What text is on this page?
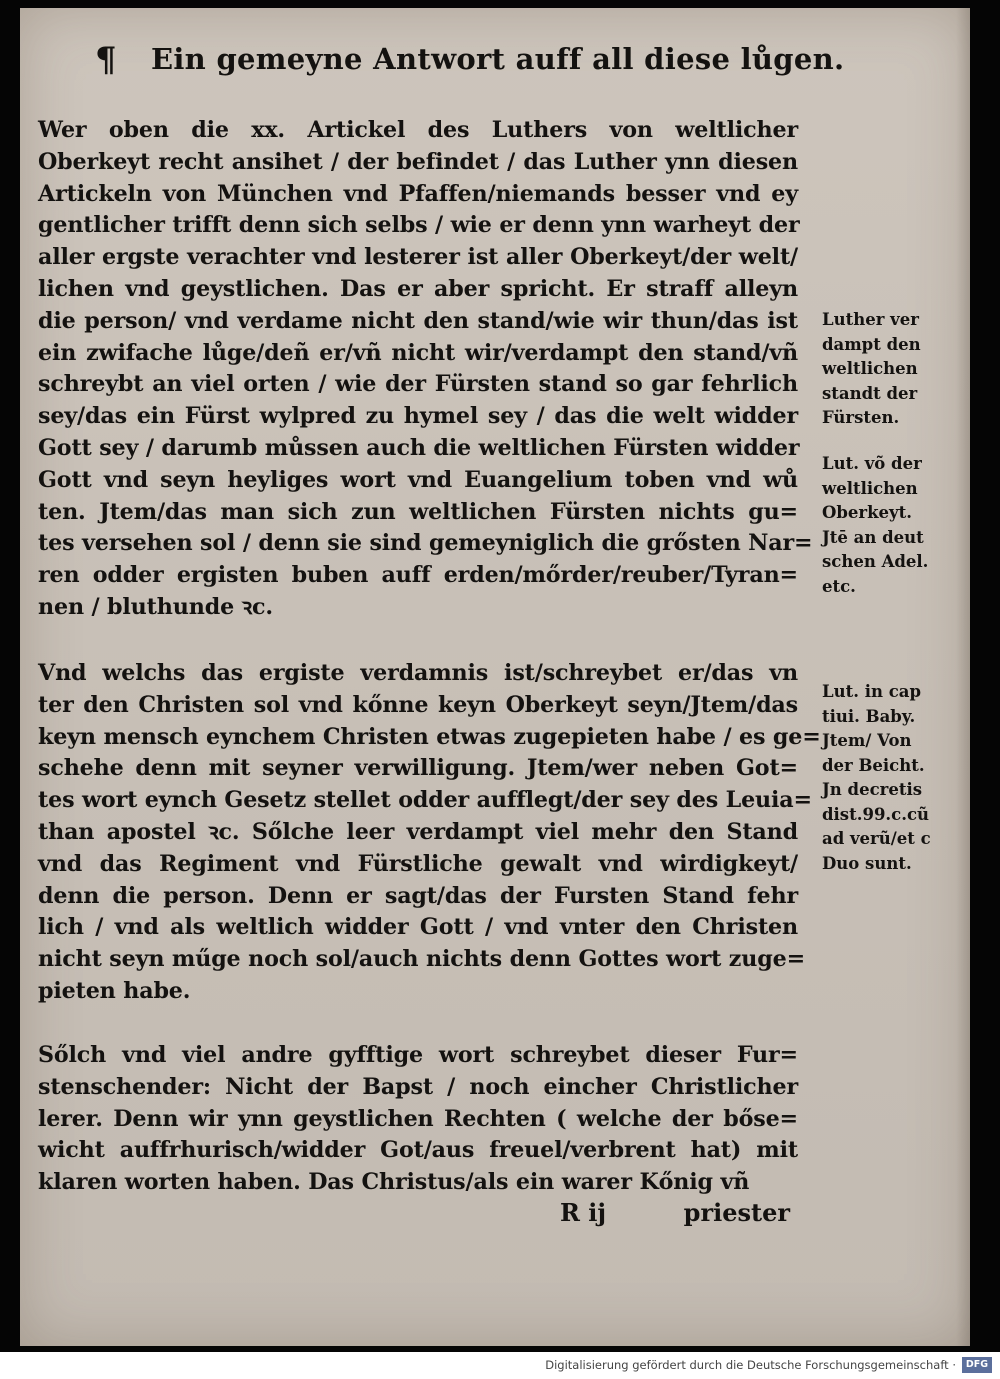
¶ Ein gemeyne Antwort auff all diese lůgen.
Wer oben die xx. Artickel des Luthers von weltlicher
Oberkeyt recht ansihet / der befindet / das Luther ynn diesen
Artickeln von München vnd Pfaffen/niemands besser vnd ey
gentlicher trifft denn sich selbs / wie er denn ynn warheyt der
aller ergste verachter vnd lesterer ist aller Oberkeyt/der welt/
lichen vnd geystlichen. Das er aber spricht. Er straff alleyn
die person/ vnd verdame nicht den stand/wie wir thun/das ist
ein zwifache lůge/deñ er/vñ nicht wir/verdampt den stand/vñ
schreybt an viel orten / wie der Fürsten stand so gar fehrlich
sey/das ein Fürst wylpred zu hymel sey / das die welt widder
Gott sey / darumb můssen auch die weltlichen Fürsten widder
Gott vnd seyn heyliges wort vnd Euangelium toben vnd wů
ten. Jtem/das man sich zun weltlichen Fürsten nichts gu=
tes versehen sol / denn sie sind gemeyniglich die grősten Nar=
ren odder ergisten buben auff erden/mőrder/reuber/Tyran=
nen / bluthunde ꝛc.
Vnd welchs das ergiste verdamnis ist/schreybet er/das vn
ter den Christen sol vnd kőnne keyn Oberkeyt seyn/Jtem/das
keyn mensch eynchem Christen etwas zugepieten habe / es ge=
schehe denn mit seyner verwilligung. Jtem/wer neben Got=
tes wort eynch Gesetz stellet odder aufflegt/der sey des Leuia=
than apostel ꝛc. Sőlche leer verdampt viel mehr den Stand
vnd das Regiment vnd Fürstliche gewalt vnd wirdigkeyt/
denn die person. Denn er sagt/das der Fursten Stand fehr
lich / vnd als weltlich widder Gott / vnd vnter den Christen
nicht seyn műge noch sol/auch nichts denn Gottes wort zuge=
pieten habe.
Sőlch vnd viel andre gyfftige wort schreybet dieser Fur=
stenschender: Nicht der Bapst / noch eincher Christlicher
lerer. Denn wir ynn geystlichen Rechten ( welche der bőse=
wicht auffrhurisch/widder Got/aus freuel/verbrent hat) mit
klaren worten haben. Das Christus/als ein warer Kőnig vñ
Luther ver
dampt den
weltlichen
standt der
Fürsten.
Lut. võ der
weltlichen
Oberkeyt.
Jtē an deut
schen Adel.
etc.
Lut. in cap
tiui. Baby.
Jtem/ Von
der Beicht.
Jn decretis
dist.99.c.cũ
ad verũ/et c
Duo sunt.
R ij	priester
Digitalisierung gefördert durch die Deutsche Forschungsgemeinschaft ·	DFG
